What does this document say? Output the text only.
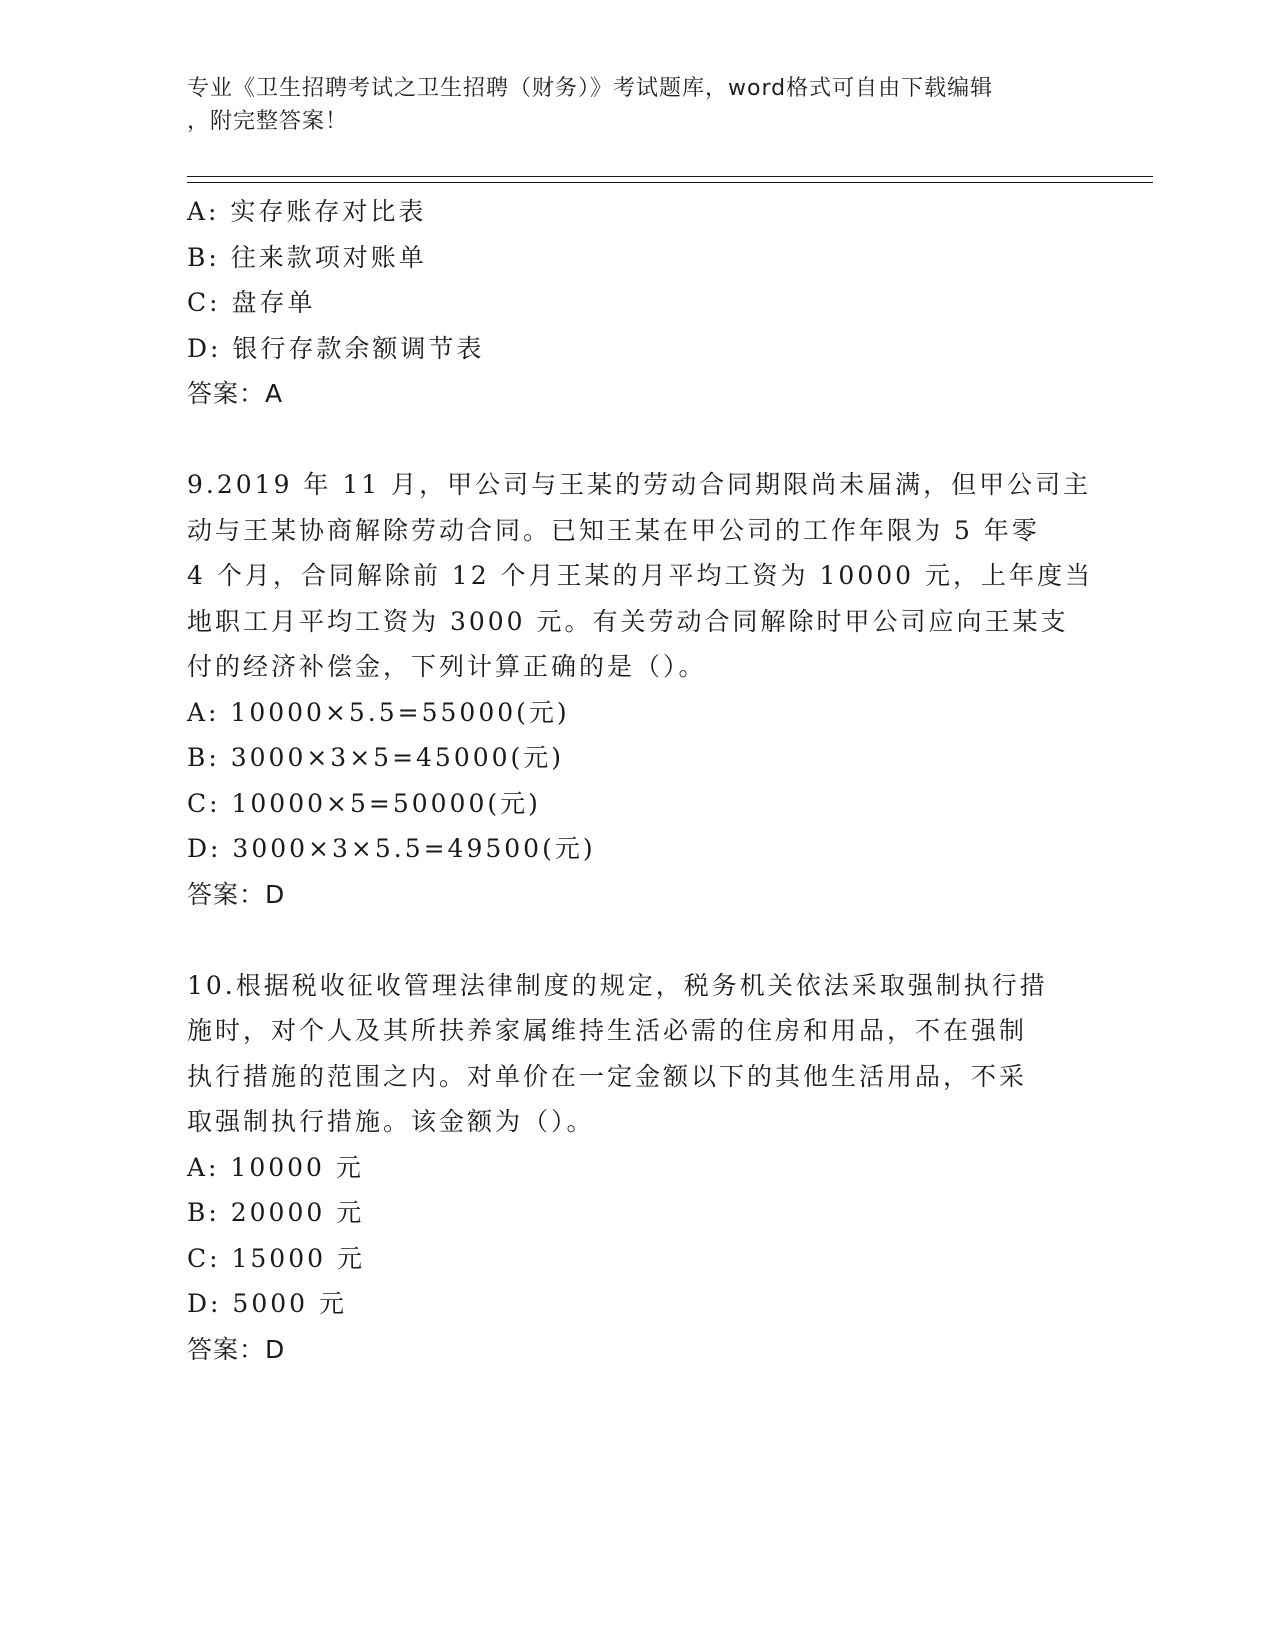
专业《卫生招聘考试之卫生招聘（财务）》考试题库，word格式可自由下载编辑
，附完整答案！
A: 实存账存对比表
B: 往来款项对账单
C: 盘存单
D: 银行存款余额调节表
答案：A
9.2019 年 11 月，甲公司与王某的劳动合同期限尚未届满，但甲公司主
动与王某协商解除劳动合同。已知王某在甲公司的工作年限为 5 年零
4 个月，合同解除前 12 个月王某的月平均工资为 10000 元，上年度当
地职工月平均工资为 3000 元。有关劳动合同解除时甲公司应向王某支
付的经济补偿金，下列计算正确的是（）。
A: 10000×5.5=55000(元)
B: 3000×3×5=45000(元)
C: 10000×5=50000(元)
D: 3000×3×5.5=49500(元)
答案：D
10.根据税收征收管理法律制度的规定，税务机关依法采取强制执行措
施时，对个人及其所扶养家属维持生活必需的住房和用品，不在强制
执行措施的范围之内。对单价在一定金额以下的其他生活用品，不采
取强制执行措施。该金额为（）。
A: 10000 元
B: 20000 元
C: 15000 元
D: 5000 元
答案：D
